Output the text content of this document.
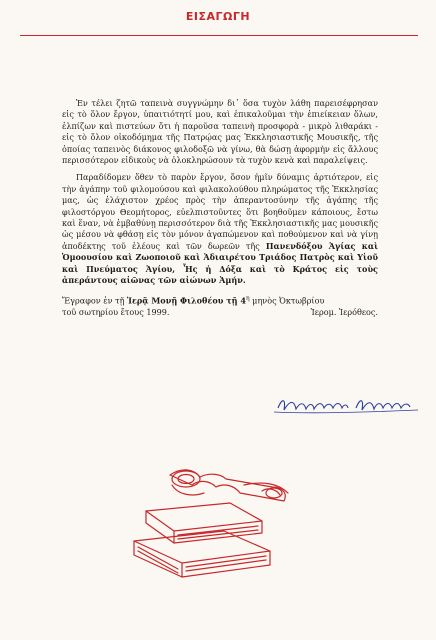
ΕΙΣΑΓΩΓΗ

Ἐν τέλει ζητῶ ταπεινὰ συγγνώμην δι᾽ ὅσα τυχὸν λάθη παρεισέφρησαν εἰς τὸ ὅλον ἔργον, ὑπαιτιότητί μου, καὶ ἐπικαλοῦμαι τὴν ἐπιείκειαν ὅλων, ἐλπίζων καὶ πιστεύων ὅτι ἡ παροῦσα ταπεινὴ προσφορὰ - μικρὸ λιθαράκι - εἰς τὸ ὅλον οἰκοδόμημα τῆς Πατρῴας μας Ἐκκλησιαστικῆς Μουσικῆς, τῆς ὁποίας ταπεινὸς διάκονος φιλοδοξῶ νὰ γίνω, θὰ δώσῃ ἀφορμὴν εἰς ἄλλους περισσότερον εἰδικοὺς νὰ ὁλοκληρώσουν τὰ τυχὸν κενὰ καὶ παραλείψεις.

Παραδίδομεν ὅθεν τὸ παρὸν ἔργον, ὅσον ἡμῖν δύναμις ἀρτιότερον, εἰς τὴν ἀγάπην τοῦ φιλομούσου καὶ φιλακολούθου πληρώματος τῆς Ἐκκλησίας μας, ὡς ἐλάχιστον χρέος πρὸς τὴν ἀπεραντοσύνην τῆς ἀγάπης τῆς φιλοστόργου Θεομήτορος, εὐελπιστοῦντες ὅτι βοηθοῦμεν κάποιους, ἔστω καὶ ἕναν, νὰ ἐμβαθύνῃ περισσότερον διὰ τῆς Ἐκκλησιαστικῆς μας μουσικῆς ὡς μέσου νὰ φθάσῃ εἰς τὸν μόνον ἀγαπώμενον καὶ ποθούμενον καὶ νὰ γίνῃ ἀποδέκτης τοῦ ἐλέους καὶ τῶν δωρεῶν τῆς Πανενδόξου Ἁγίας καὶ Ὁμοουσίου καὶ Ζωοποιοῦ καὶ Ἀδιαιρέτου Τριάδος Πατρὸς καὶ Υἱοῦ καὶ Πνεύματος Ἁγίου, Ἧς ἡ Δόξα καὶ τὸ Κράτος εἰς τοὺς ἀπεράντους αἰῶνας τῶν αἰώνων Ἀμήν.

Ἔγραφον ἐν τῇ Ἱερᾷ Μονῇ Φιλοθέου τῇ $4^\eta$ μηνὸς Ὀκτωβρίου

τοῦ σωτηρίου ἔτους 1999.	Ἱερομ. Ἱερόθεος.
